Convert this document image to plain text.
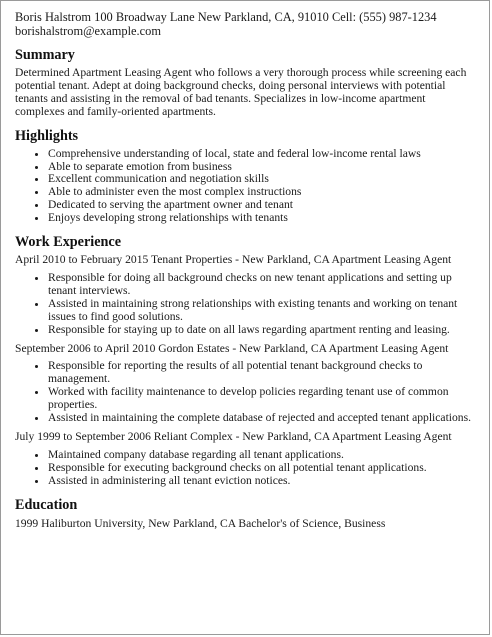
Boris Halstrom 100 Broadway Lane New Parkland, CA, 91010 Cell: (555) 987-1234

borishalstrom@example.com

Summary

Determined Apartment Leasing Agent who follows a very thorough process while screening each potential tenant. Adept at doing background checks, doing personal interviews with potential tenants and assisting in the removal of bad tenants. Specializes in low-income apartment complexes and family-oriented apartments.

Highlights
• Comprehensive understanding of local, state and federal low-income rental laws
• Able to separate emotion from business
• Excellent communication and negotiation skills
• Able to administer even the most complex instructions
• Dedicated to serving the apartment owner and tenant
• Enjoys developing strong relationships with tenants
Work Experience

April 2010 to February 2015 Tenant Properties - New Parkland, CA Apartment Leasing Agent

• Responsible for doing all background checks on new tenant applications and setting up tenant interviews.
• Assisted in maintaining strong relationships with existing tenants and working on tenant issues to find good solutions.
• Responsible for staying up to date on all laws regarding apartment renting and leasing.

September 2006 to April 2010 Gordon Estates - New Parkland, CA Apartment Leasing Agent

• Responsible for reporting the results of all potential tenant background checks to management.
• Worked with facility maintenance to develop policies regarding tenant use of common properties.
• Assisted in maintaining the complete database of rejected and accepted tenant applications.

July 1999 to September 2006 Reliant Complex - New Parkland, CA Apartment Leasing Agent

• Maintained company database regarding all tenant applications.
• Responsible for executing background checks on all potential tenant applications.
• Assisted in administering all tenant eviction notices.
Education

1999 Haliburton University, New Parkland, CA Bachelor's of Science, Business
